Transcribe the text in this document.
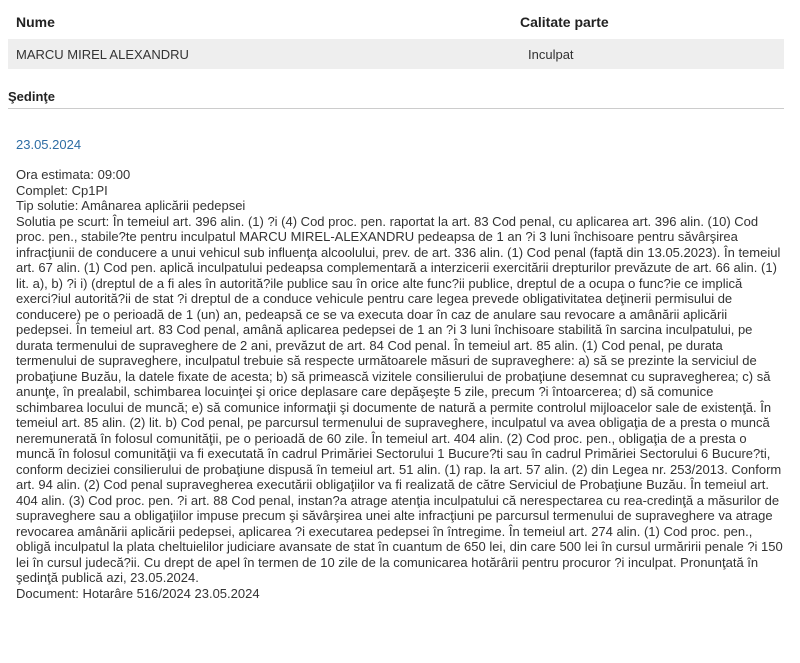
Nume	Calitate parte
MARCU MIREL ALEXANDRU	Inculpat
Şedinţe
23.05.2024
Ora estimata: 09:00
Complet: Cp1PI
Tip solutie: Amânarea aplicării pedepsei
Solutia pe scurt: În temeiul art. 396 alin. (1) ?i (4) Cod proc. pen. raportat la art. 83 Cod penal, cu aplicarea art. 396 alin. (10) Cod proc. pen., stabile?te pentru inculpatul MARCU MIREL-ALEXANDRU pedeapsa de 1 an ?i 3 luni închisoare pentru săvârşirea infracţiunii de conducere a unui vehicul sub influenţa alcoolului, prev. de art. 336 alin. (1) Cod penal (faptă din 13.05.2023). În temeiul art. 67 alin. (1) Cod pen. aplică inculpatului pedeapsa complementară a interzicerii exercitării drepturilor prevăzute de art. 66 alin. (1) lit. a), b) ?i i) (dreptul de a fi ales în autorită?ile publice sau în orice alte func?ii publice, dreptul de a ocupa o func?ie ce implică exerci?iul autorită?ii de stat ?i dreptul de a conduce vehicule pentru care legea prevede obligativitatea deţinerii permisului de conducere) pe o perioadă de 1 (un) an, pedeapsă ce se va executa doar în caz de anulare sau revocare a amânării aplicării pedepsei. În temeiul art. 83 Cod penal, amână aplicarea pedepsei de 1 an ?i 3 luni închisoare stabilită în sarcina inculpatului, pe durata termenului de supraveghere de 2 ani, prevăzut de art. 84 Cod penal. În temeiul art. 85 alin. (1) Cod penal, pe durata termenului de supraveghere, inculpatul trebuie să respecte următoarele măsuri de supraveghere: a) să se prezinte la serviciul de probaţiune Buzău, la datele fixate de acesta; b) să primească vizitele consilierului de probaţiune desemnat cu supravegherea; c) să anunţe, în prealabil, schimbarea locuinţei şi orice deplasare care depăşeşte 5 zile, precum ?i întoarcerea; d) să comunice schimbarea locului de muncă; e) să comunice informaţii şi documente de natură a permite controlul mijloacelor sale de existenţă. În temeiul art. 85 alin. (2) lit. b) Cod penal, pe parcursul termenului de supraveghere, inculpatul va avea obligaţia de a presta o muncă neremunerată în folosul comunităţii, pe o perioadă de 60 zile. În temeiul art. 404 alin. (2) Cod proc. pen., obligaţia de a presta o muncă în folosul comunităţii va fi executată în cadrul Primăriei Sectorului 1 Bucure?ti sau în cadrul Primăriei Sectorului 6 Bucure?ti, conform deciziei consilierului de probaţiune dispusă în temeiul art. 51 alin. (1) rap. la art. 57 alin. (2) din Legea nr. 253/2013. Conform art. 94 alin. (2) Cod penal supravegherea executării obligaţiilor va fi realizată de către Serviciul de Probaţiune Buzău. În temeiul art. 404 alin. (3) Cod proc. pen. ?i art. 88 Cod penal, instan?a atrage atenţia inculpatului că nerespectarea cu rea-credinţă a măsurilor de supraveghere sau a obligaţiilor impuse precum şi săvârşirea unei alte infracţiuni pe parcursul termenului de supraveghere va atrage revocarea amânării aplicării pedepsei, aplicarea ?i executarea pedepsei în întregime. În temeiul art. 274 alin. (1) Cod proc. pen., obligă inculpatul la plata cheltuielilor judiciare avansate de stat în cuantum de 650 lei, din care 500 lei în cursul urmăririi penale ?i 150 lei în cursul judecă?ii. Cu drept de apel în termen de 10 zile de la comunicarea hotărârii pentru procuror ?i inculpat. Pronunţată în şedinţă publică azi, 23.05.2024.
Document: Hotarâre 516/2024 23.05.2024
